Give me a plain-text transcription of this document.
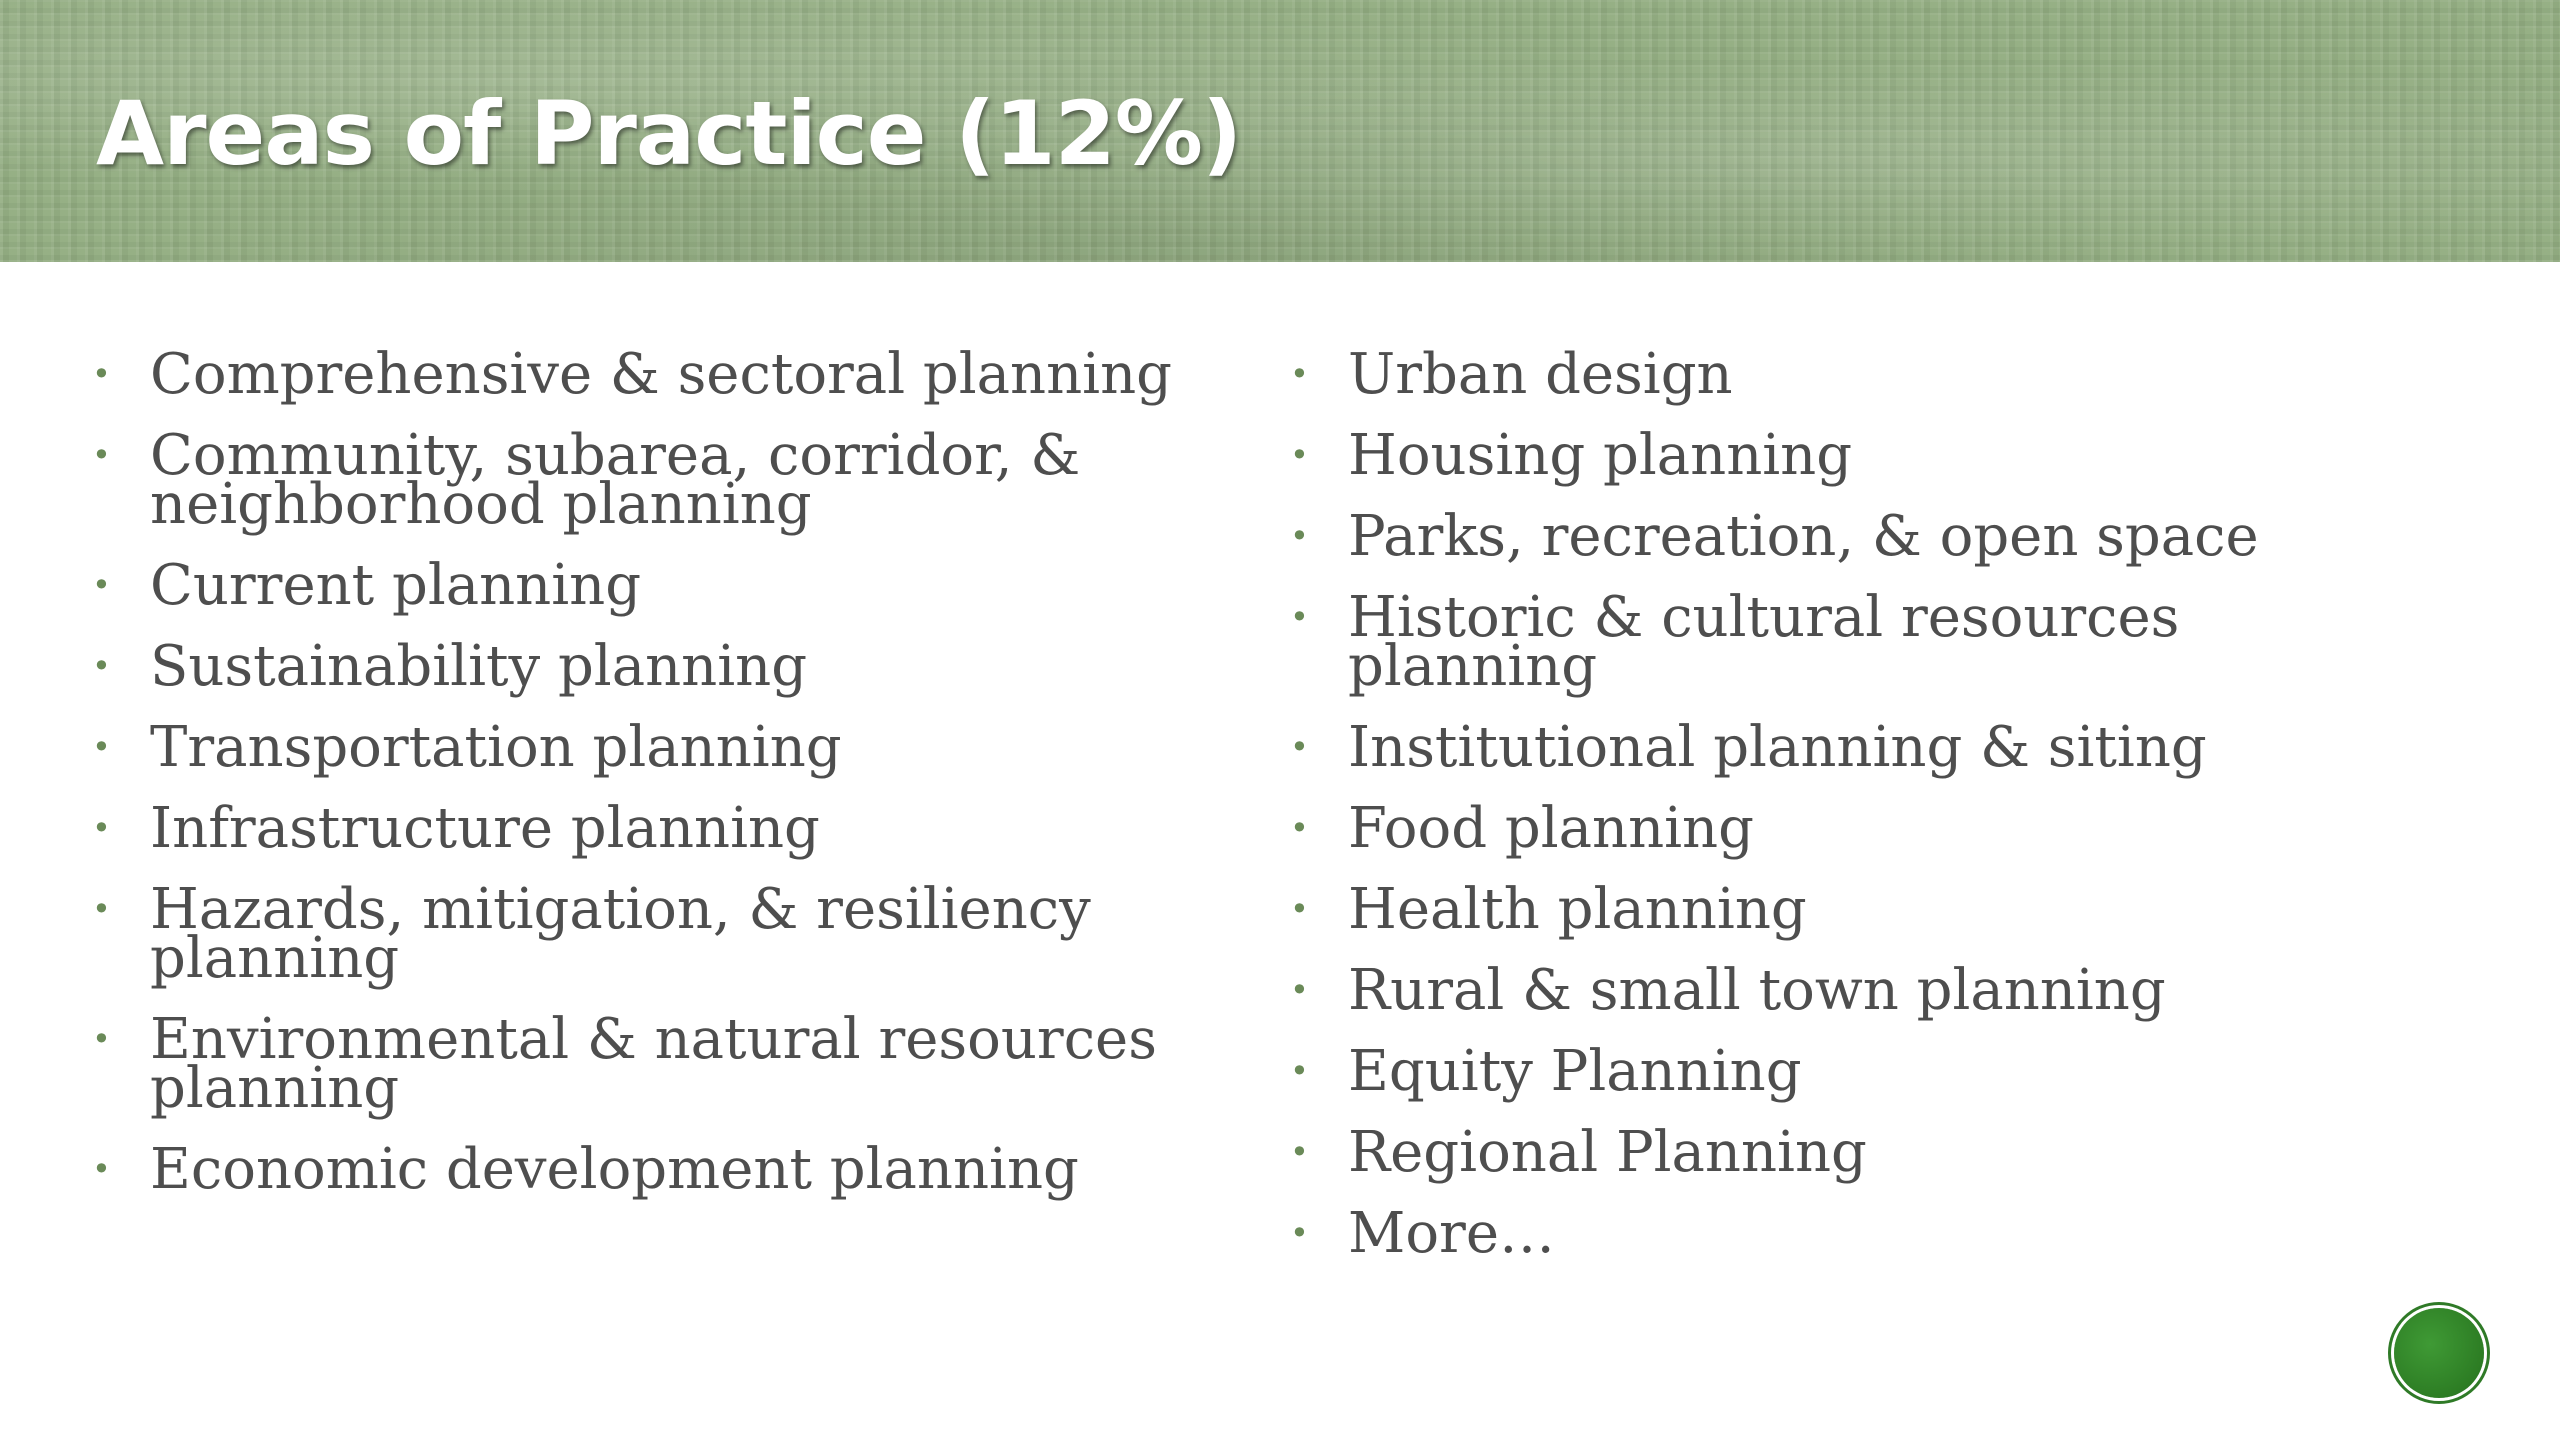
Areas of Practice (12%)
• Comprehensive & sectoral planning
• Community, subarea, corridor, & neighborhood planning
• Current planning
• Sustainability planning
• Transportation planning
• Infrastructure planning
• Hazards, mitigation, & resiliency planning
• Environmental & natural resources planning
• Economic development planning
• Urban design
• Housing planning
• Parks, recreation, & open space
• Historic & cultural resources planning
• Institutional planning & siting
• Food planning
• Health planning
• Rural & small town planning
• Equity Planning
• Regional Planning
• More…
